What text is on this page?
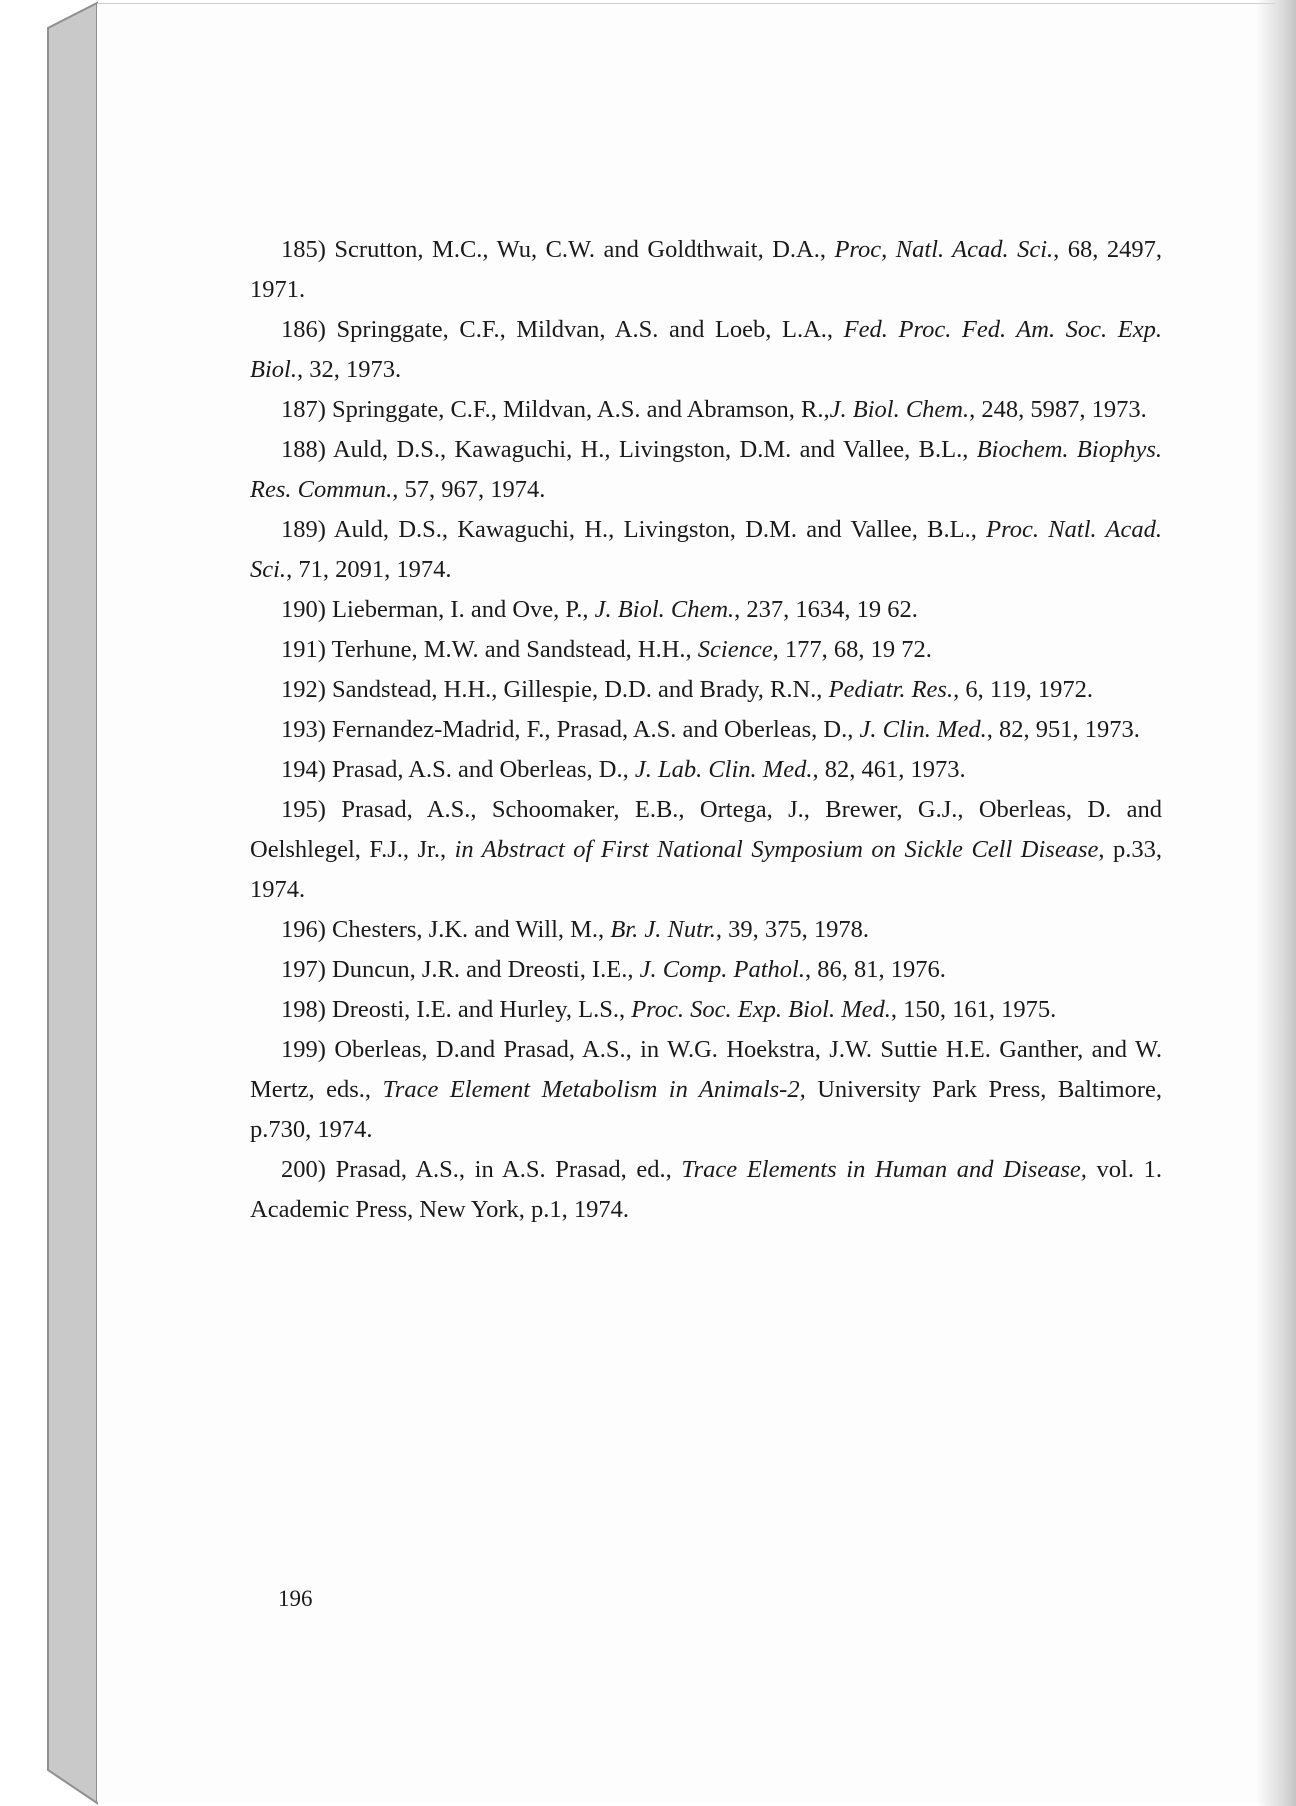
185) Scrutton, M.C., Wu, C.W. and Goldthwait, D.A., Proc, Natl. Acad. Sci., 68, 2497, 1971.

186) Springgate, C.F., Mildvan, A.S. and Loeb, L.A., Fed. Proc. Fed. Am. Soc. Exp. Biol., 32, 1973.

187) Springgate, C.F., Mildvan, A.S. and Abramson, R.,J. Biol. Chem., 248, 5987, 1973.

188) Auld, D.S., Kawaguchi, H., Livingston, D.M. and Vallee, B.L., Biochem. Biophys. Res. Commun., 57, 967, 1974.

189) Auld, D.S., Kawaguchi, H., Livingston, D.M. and Vallee, B.L., Proc. Natl. Acad. Sci., 71, 2091, 1974.

190) Lieberman, I. and Ove, P., J. Biol. Chem., 237, 1634, 19 62.

191) Terhune, M.W. and Sandstead, H.H., Science, 177, 68, 19 72.

192) Sandstead, H.H., Gillespie, D.D. and Brady, R.N., Pediatr. Res., 6, 119, 1972.

193) Fernandez-Madrid, F., Prasad, A.S. and Oberleas, D., J. Clin. Med., 82, 951, 1973.

194) Prasad, A.S. and Oberleas, D., J. Lab. Clin. Med., 82, 461, 1973.

195) Prasad, A.S., Schoomaker, E.B., Ortega, J., Brewer, G.J., Oberleas, D. and Oelshlegel, F.J., Jr., in Abstract of First National Symposium on Sickle Cell Disease, p.33, 1974.

196) Chesters, J.K. and Will, M., Br. J. Nutr., 39, 375, 1978.

197) Duncun, J.R. and Dreosti, I.E., J. Comp. Pathol., 86, 81, 1976.

198) Dreosti, I.E. and Hurley, L.S., Proc. Soc. Exp. Biol. Med., 150, 161, 1975.

199) Oberleas, D.and Prasad, A.S., in W.G. Hoekstra, J.W. Suttie H.E. Ganther, and W. Mertz, eds., Trace Element Metabolism in Animals-2, University Park Press, Baltimore, p.730, 1974.

200) Prasad, A.S., in A.S. Prasad, ed., Trace Elements in Human and Disease, vol. 1. Academic Press, New York, p.1, 1974.

196
